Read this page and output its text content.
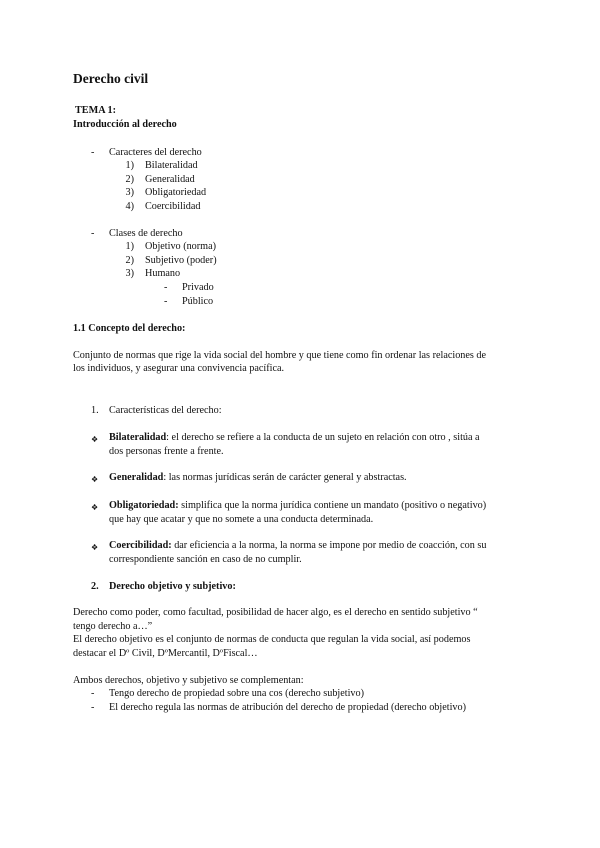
Derecho civil
TEMA 1:
Introducción al derecho
- Caracteres del derecho
1) Bilateralidad
2) Generalidad
3) Obligatoriedad
4) Coercibilidad
- Clases de derecho
1) Objetivo (norma)
2) Subjetivo (poder)
3) Humano
- Privado
- Público
1.1 Concepto del derecho:
Conjunto de normas que rige la vida social del hombre y que tiene como fin ordenar las relaciones de
los individuos, y asegurar una convivencia pacífica.
1. Características del derecho:
❖ Bilateralidad: el derecho se refiere a la conducta de un sujeto en relación con otro , sitúa a
dos personas frente a frente.
❖ Generalidad: las normas jurídicas serán de carácter general y abstractas.
❖ Obligatoriedad: simplifica que la norma jurídica contiene un mandato (positivo o negativo)
que hay que acatar y que no somete a una conducta determinada.
❖ Coercibilidad: dar eficiencia a la norma, la norma se impone por medio de coacción, con su
correspondiente sanción en caso de no cumplir.
2. Derecho objetivo y subjetivo:
Derecho como poder, como facultad, posibilidad de hacer algo, es el derecho en sentido subjetivo “
tengo derecho a…”
El derecho objetivo es el conjunto de normas de conducta que regulan la vida social, así podemos
destacar el Dº Civil, DºMercantil, DºFiscal…
Ambos derechos, objetivo y subjetivo se complementan:
- Tengo derecho de propiedad sobre una cos (derecho subjetivo)
- El derecho regula las normas de atribución del derecho de propiedad (derecho objetivo)
